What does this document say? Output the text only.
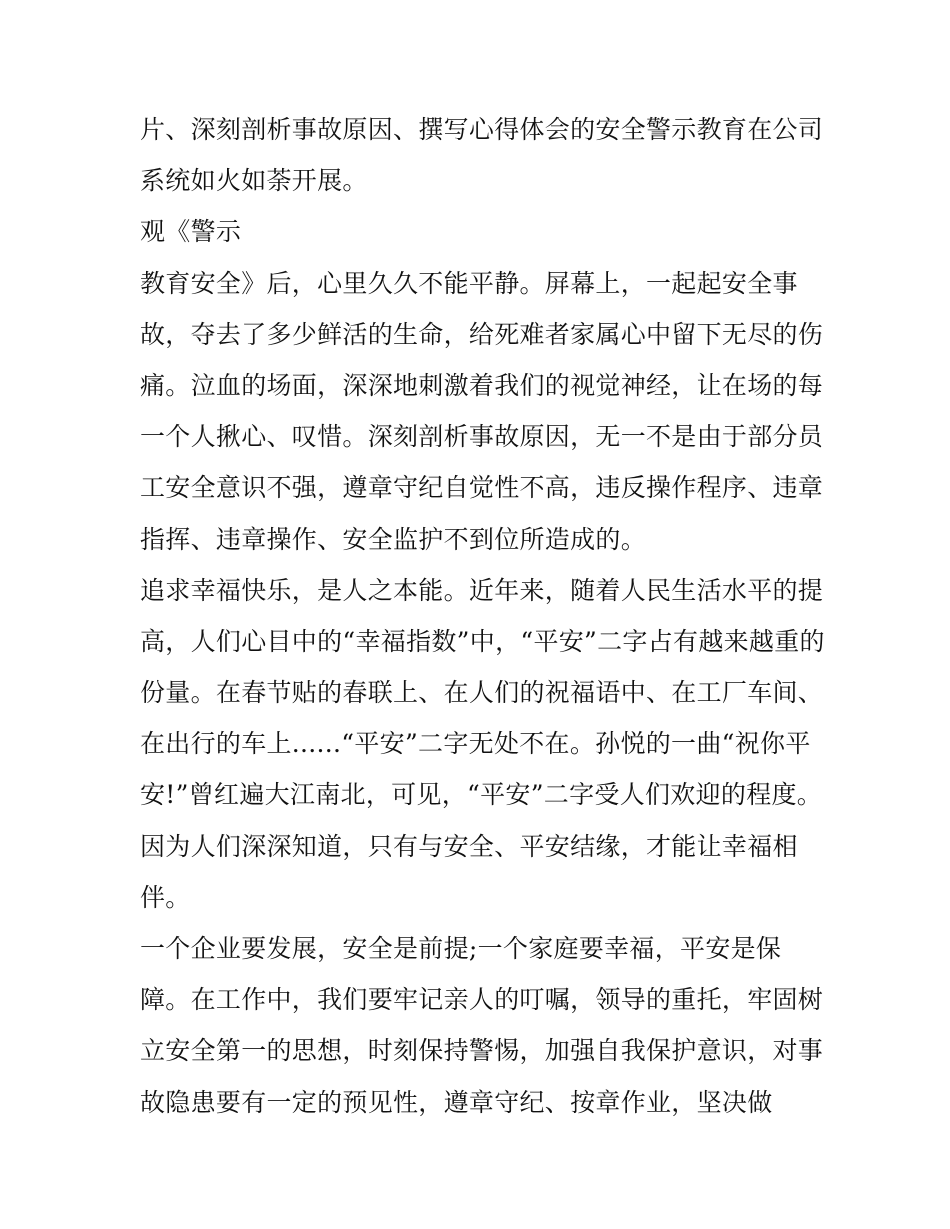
片、深刻剖析事故原因、撰写心得体会的安全警示教育在公司
系统如火如荼开展。
观《警示
教育安全》后，心里久久不能平静。屏幕上，一起起安全事
故，夺去了多少鲜活的生命，给死难者家属心中留下无尽的伤
痛。泣血的场面，深深地刺激着我们的视觉神经，让在场的每
一个人揪心、叹惜。深刻剖析事故原因，无一不是由于部分员
工安全意识不强，遵章守纪自觉性不高，违反操作程序、违章
指挥、违章操作、安全监护不到位所造成的。
追求幸福快乐，是人之本能。近年来，随着人民生活水平的提
高，人们心目中的“幸福指数”中，“平安”二字占有越来越重的
份量。在春节贴的春联上、在人们的祝福语中、在工厂车间、
在出行的车上......“平安”二字无处不在。孙悦的一曲“祝你平
安!”曾红遍大江南北，可见，“平安”二字受人们欢迎的程度。
因为人们深深知道，只有与安全、平安结缘，才能让幸福相
伴。
一个企业要发展，安全是前提;一个家庭要幸福，平安是保
障。在工作中，我们要牢记亲人的叮嘱，领导的重托，牢固树
立安全第一的思想，时刻保持警惕，加强自我保护意识，对事
故隐患要有一定的预见性，遵章守纪、按章作业，坚决做
